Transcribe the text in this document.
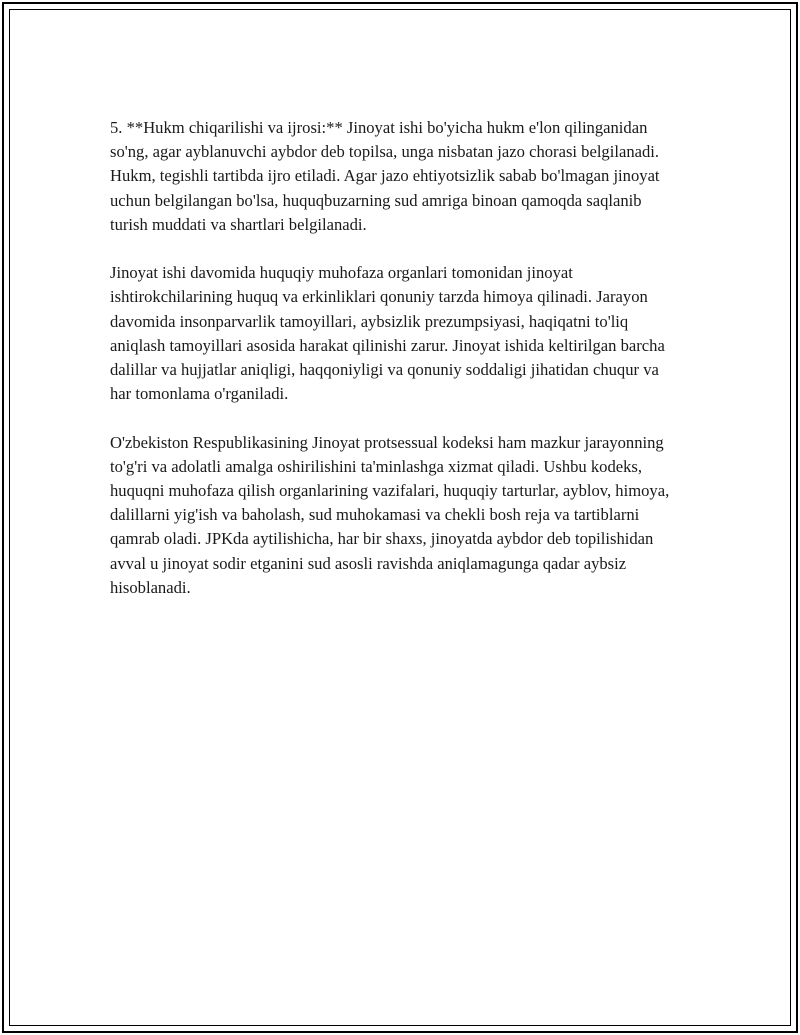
5. **Hukm chiqarilishi va ijrosi:** Jinoyat ishi bo'yicha hukm e'lon qilinganidan so'ng, agar ayblanuvchi aybdor deb topilsa, unga nisbatan jazo chorasi belgilanadi. Hukm, tegishli tartibda ijro etiladi. Agar jazo ehtiyotsizlik sabab bo'lmagan jinoyat uchun belgilangan bo'lsa, huquqbuzarning sud amriga binoan qamoqda saqlanib turish muddati va shartlari belgilanadi.

Jinoyat ishi davomida huquqiy muhofaza organlari tomonidan jinoyat ishtirokchilarining huquq va erkinliklari qonuniy tarzda himoya qilinadi. Jarayon davomida insonparvarlik tamoyillari, aybsizlik prezumpsiyasi, haqiqatni to'liq aniqlash tamoyillari asosida harakat qilinishi zarur. Jinoyat ishida keltirilgan barcha dalillar va hujjatlar aniqligi, haqqoniyligi va qonuniy soddaligi jihatidan chuqur va har tomonlama o'rganiladi.

O'zbekiston Respublikasining Jinoyat protsessual kodeksi ham mazkur jarayonning to'g'ri va adolatli amalga oshirilishini ta'minlashga xizmat qiladi. Ushbu kodeks, huquqni muhofaza qilish organlarining vazifalari, huquqiy tarturlar, ayblov, himoya, dalillarni yig'ish va baholash, sud muhokamasi va chekli bosh reja va tartiblarni qamrab oladi. JPKda aytilishicha, har bir shaxs, jinoyatda aybdor deb topilishidan avval u jinoyat sodir etganini sud asosli ravishda aniqlamagunga qadar aybsiz hisoblanadi.
